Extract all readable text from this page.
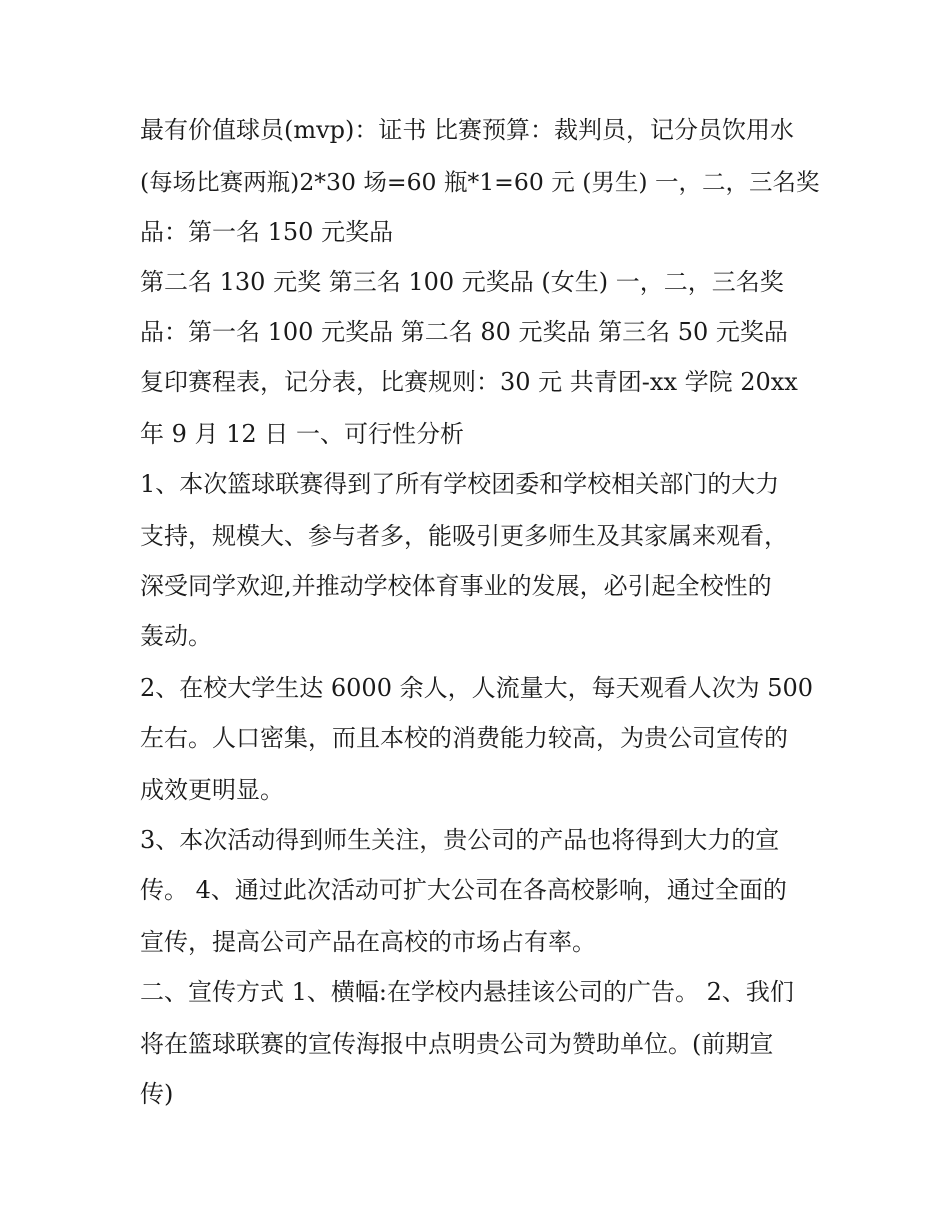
最有价值球员(mvp)：证书 比赛预算：裁判员，记分员饮用水
(每场比赛两瓶)2*30 场=60 瓶*1=60 元 (男生) 一，二，三名奖
品：第一名 150 元奖品
第二名 130 元奖 第三名 100 元奖品 (女生) 一，二，三名奖
品：第一名 100 元奖品 第二名 80 元奖品 第三名 50 元奖品
复印赛程表，记分表，比赛规则：30 元 共青团-xx 学院 20xx
年 9 月 12 日 一、可行性分析
1、本次篮球联赛得到了所有学校团委和学校相关部门的大力
支持，规模大、参与者多，能吸引更多师生及其家属来观看，
深受同学欢迎,并推动学校体育事业的发展，必引起全校性的
轰动。
2、在校大学生达 6000 余人，人流量大，每天观看人次为 500
左右。人口密集，而且本校的消费能力较高，为贵公司宣传的
成效更明显。
3、本次活动得到师生关注，贵公司的产品也将得到大力的宣
传。 4、通过此次活动可扩大公司在各高校影响，通过全面的
宣传，提高公司产品在高校的市场占有率。
二、宣传方式 1、横幅:在学校内悬挂该公司的广告。 2、我们
将在篮球联赛的宣传海报中点明贵公司为赞助单位。(前期宣
传)
